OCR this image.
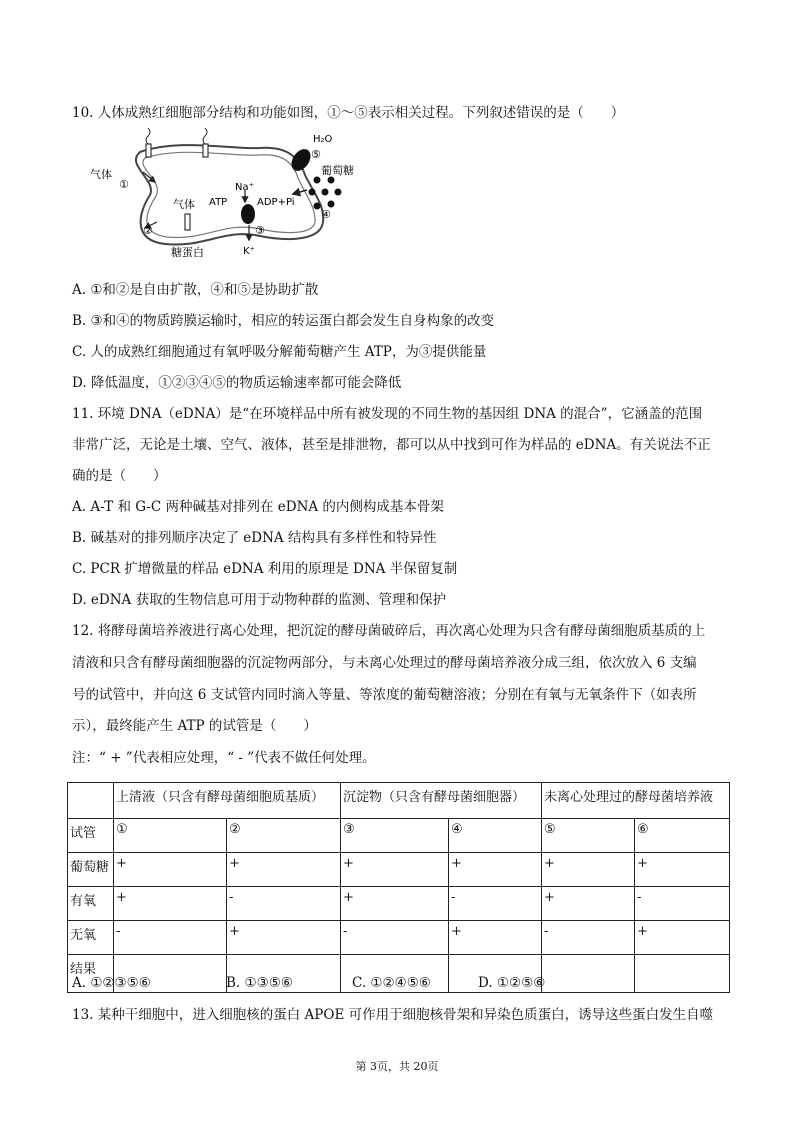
10. 人体成熟红细胞部分结构和功能如图，①～⑤表示相关过程。下列叙述错误的是（　　）
气体
①
气体
②
糖蛋白
H₂O
⑤
葡萄糖
④
Na⁺
ATP	ADP+Pi
③
K⁺
A. ①和②是自由扩散，④和⑤是协助扩散
B. ③和④的物质跨膜运输时，相应的转运蛋白都会发生自身构象的改变
C. 人的成熟红细胞通过有氧呼吸分解葡萄糖产生 ATP，为③提供能量
D. 降低温度，①②③④⑤的物质运输速率都可能会降低
11. 环境 DNA（eDNA）是“在环境样品中所有被发现的不同生物的基因组 DNA 的混合”，它涵盖的范围
非常广泛，无论是土壤、空气、液体，甚至是排泄物，都可以从中找到可作为样品的 eDNA。有关说法不正
确的是（　　）
A. A-T 和 G-C 两种碱基对排列在 eDNA 的内侧构成基本骨架
B. 碱基对的排列顺序决定了 eDNA 结构具有多样性和特异性
C. PCR 扩增微量的样品 eDNA 利用的原理是 DNA 半保留复制
D. eDNA 获取的生物信息可用于动物种群的监测、管理和保护
12. 将酵母菌培养液进行离心处理，把沉淀的酵母菌破碎后，再次离心处理为只含有酵母菌细胞质基质的上
清液和只含有酵母菌细胞器的沉淀物两部分，与未离心处理过的酵母菌培养液分成三组，依次放入 6 支编
号的试管中，并向这 6 支试管内同时滴入等量、等浓度的葡萄糖溶液；分别在有氧与无氧条件下（如表所
示），最终能产生 ATP 的试管是（　　）
注：“ + ”代表相应处理，“ - ”代表不做任何处理。
	上清液（只含有酵母菌细胞质基质）		沉淀物（只含有酵母菌细胞器）		未离心处理过的酵母菌培养液	
试管	①	②	③	④	⑤	⑥
葡萄糖	+	+	+	+	+	+
有氧	+	-	+	-	+	-
无氧	-	+	-	+	-	+
结果						
A. ①②③⑤⑥	B. ①③⑤⑥	C. ①②④⑤⑥	D. ①②⑤⑥
13. 某种干细胞中，进入细胞核的蛋白 APOE 可作用于细胞核骨架和异染色质蛋白，诱导这些蛋白发生自噬
第 3页，共 20页
